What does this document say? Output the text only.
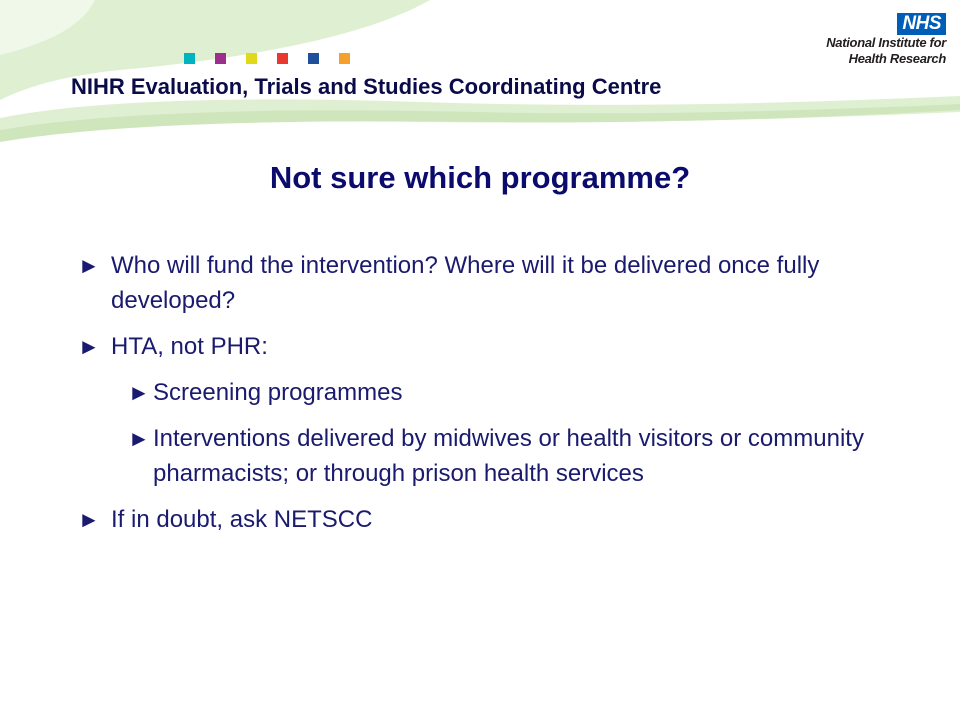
NIHR Evaluation, Trials and Studies Coordinating Centre
NHS
National Institute for
Health Research
Not sure which programme?
► Who will fund the intervention? Where will it be delivered once fully developed?
► HTA, not PHR:
► Screening programmes
► Interventions delivered by midwives or health visitors or community pharmacists; or through prison health services
► If in doubt, ask NETSCC
